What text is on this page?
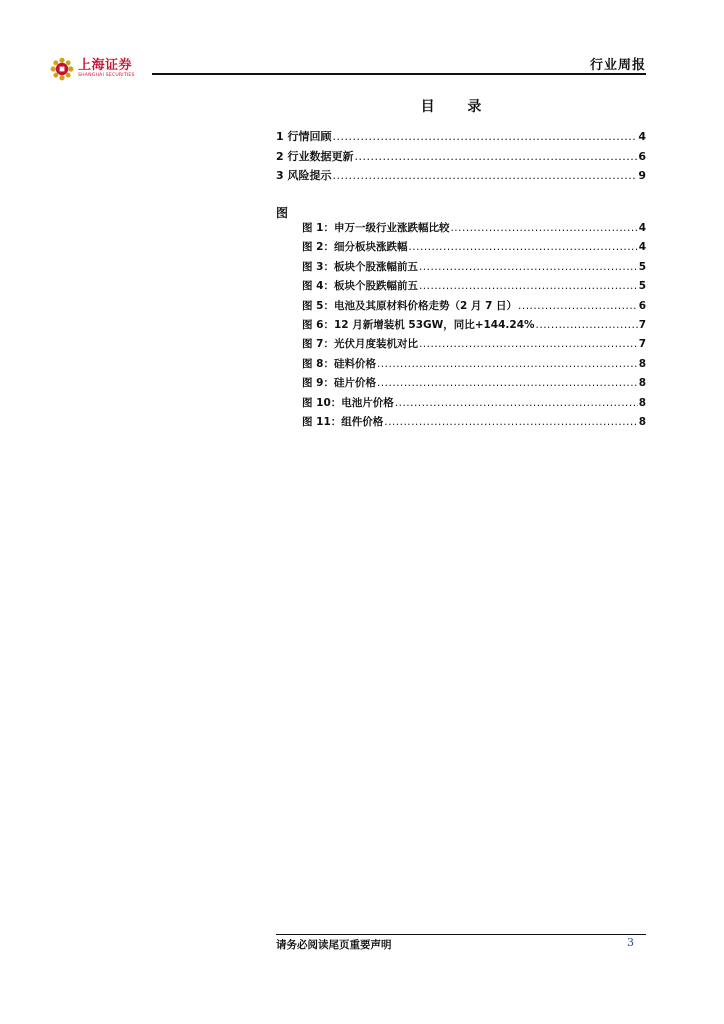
上海证券
SHANGHAI SECURITIES
行业周报
目 录
1 行情回顾 .....	4
2 行业数据更新 .....	6
3 风险提示 .....	9
图
图 1：申万一级行业涨跌幅比较 .....	4
图 2：细分板块涨跌幅 .....	4
图 3：板块个股涨幅前五 .....	5
图 4：板块个股跌幅前五 .....	5
图 5：电池及其原材料价格走势（2 月 7 日） .....	6
图 6：12 月新增装机 53GW，同比+144.24% .....	7
图 7：光伏月度装机对比 .....	7
图 8：硅料价格 .....	8
图 9：硅片价格 .....	8
图 10：电池片价格 .....	8
图 11：组件价格 .....	8
请务必阅读尾页重要声明	3
